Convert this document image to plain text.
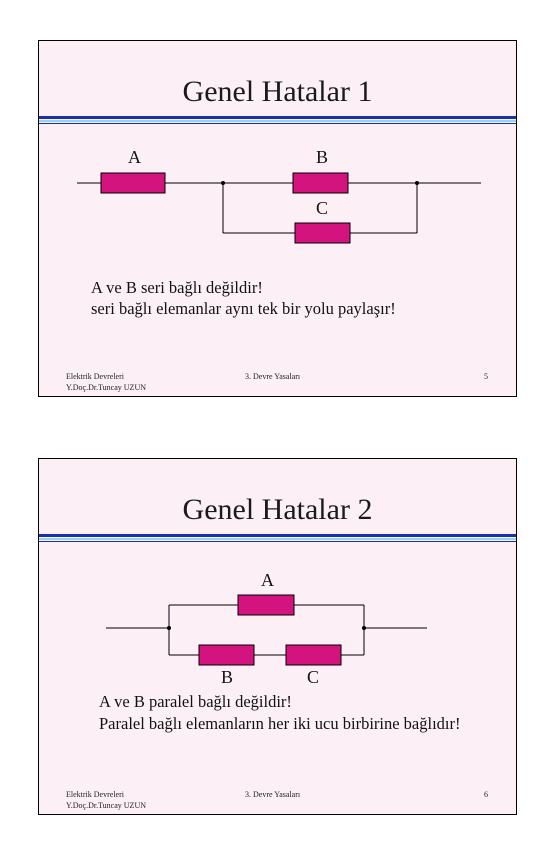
Genel Hatalar 1
A	B
C
A ve B seri bağlı değildir!
seri bağlı elemanlar aynı tek bir yolu paylaşır!
Elektrik Devreleri
Y.Doç.Dr.Tuncay UZUN
3. Devre Yasaları	5
Genel Hatalar 2
A
B	C
A ve B paralel bağlı değildir!
Paralel bağlı elemanların her iki ucu birbirine bağlıdır!
Elektrik Devreleri
Y.Doç.Dr.Tuncay UZUN
3. Devre Yasaları	6
